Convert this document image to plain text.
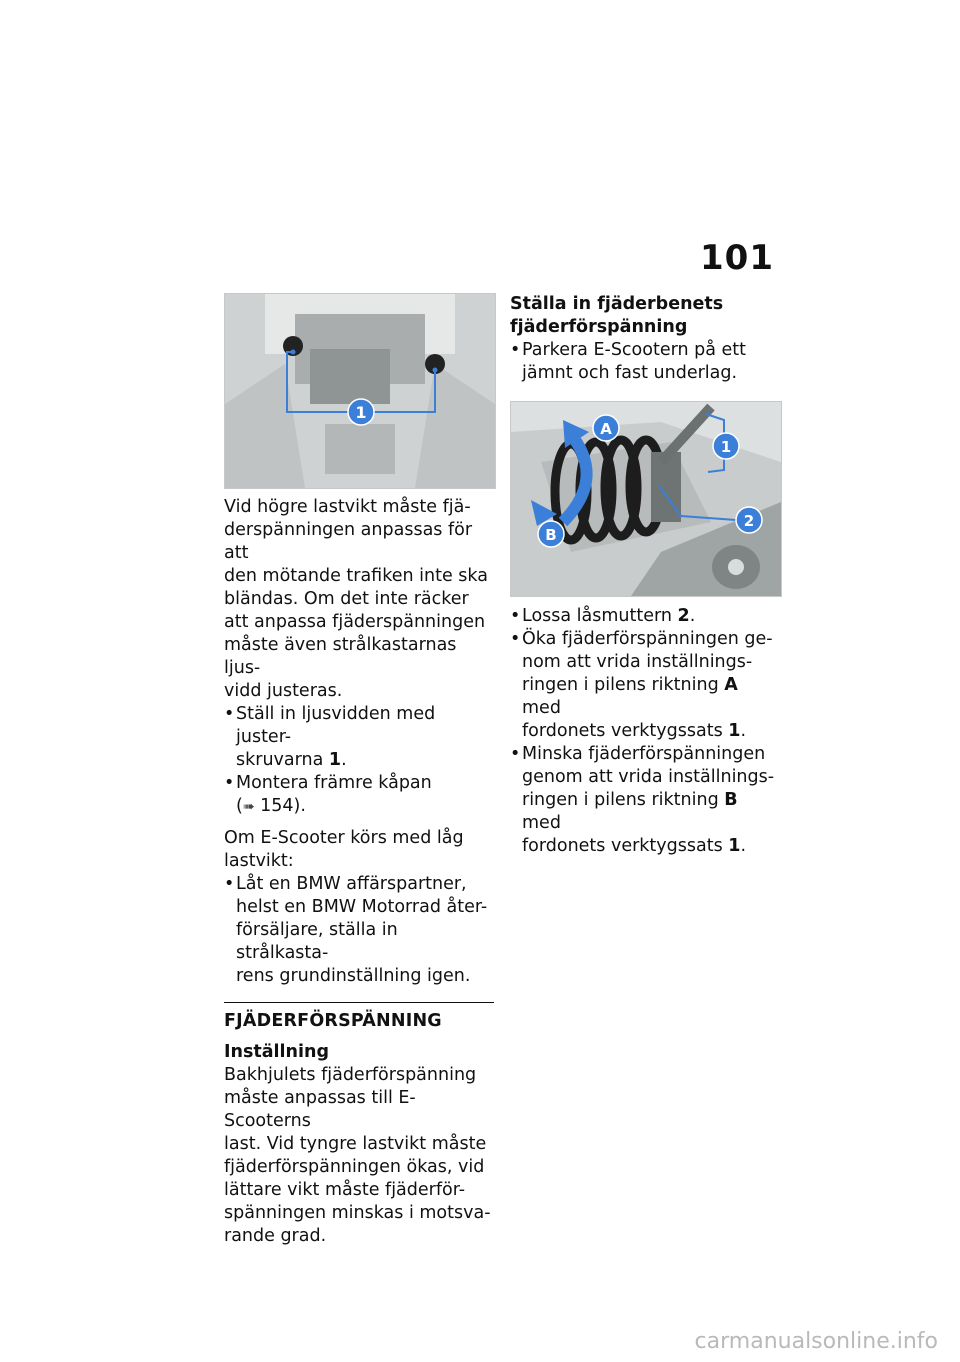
101
1

Vid högre lastvikt måste fjä-

derspänningen anpassas för att

den mötande trafiken inte ska

bländas. Om det inte räcker

att anpassa fjäderspänningen

måste även strålkastarnas ljus-

vidd justeras.

• Ställ in ljusvidden med juster-
skruvarna 1.
• Montera främre kåpan
(➠ 154).

Om E-Scooter körs med låg

lastvikt:

• Låt en BMW affärspartner,
helst en BMW Motorrad åter-
försäljare, ställa in strålkasta-
rens grundinställning igen.
FJÄDERFÖRSPÄNNING
Inställning

Bakhjulets fjäderförspänning

måste anpassas till E-Scooterns

last. Vid tyngre lastvikt måste

fjäderförspänningen ökas, vid

lättare vikt måste fjäderför-

spänningen minskas i motsva-

rande grad.

Ställa in fjäderbenets
fjäderförspänning
• Parkera E-Scootern på ett
jämnt och fast underlag.
A
B
1
2
• Lossa låsmuttern 2.
• Öka fjäderförspänningen ge-
nom att vrida inställnings-
ringen i pilens riktning A med
fordonets verktygssats 1.
• Minska fjäderförspänningen
genom att vrida inställnings-
ringen i pilens riktning B med
fordonets verktygssats 1.
carmanualsonline.info
